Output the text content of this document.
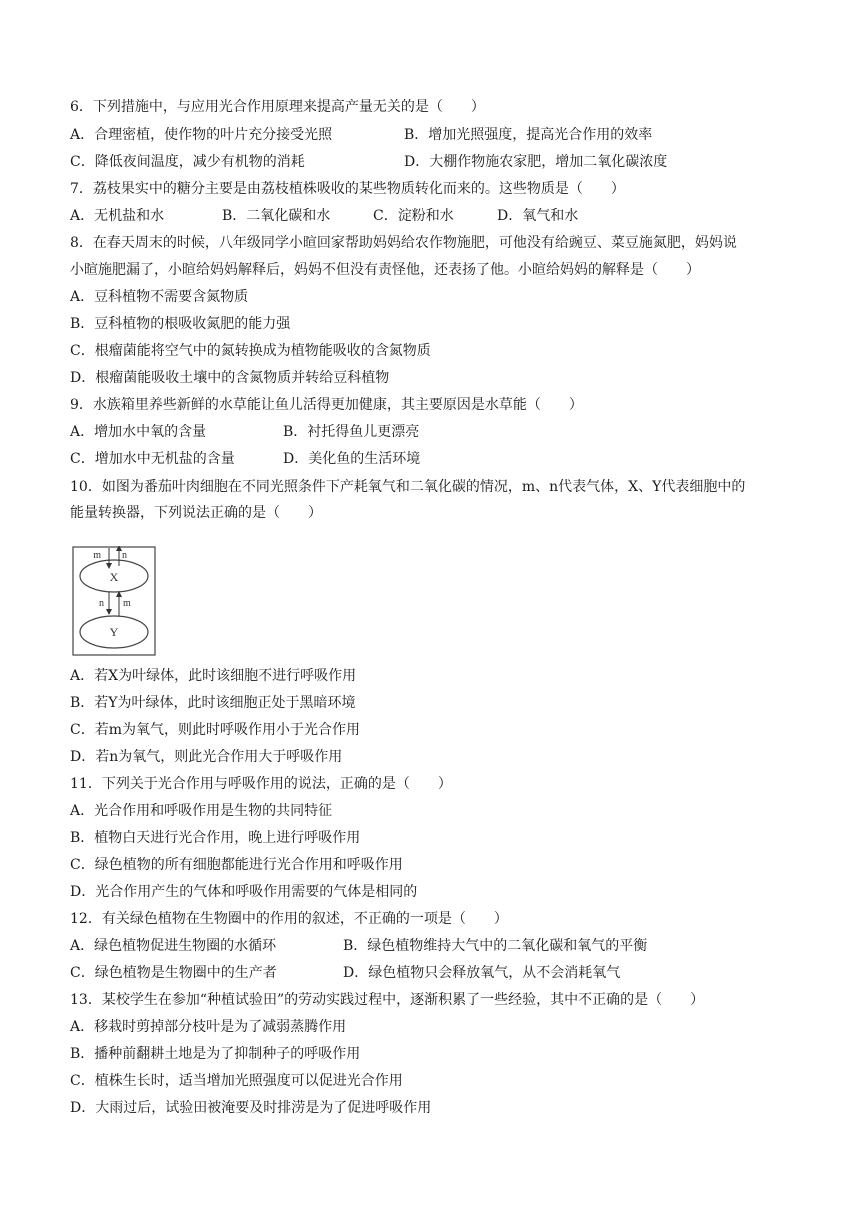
6．下列措施中，与应用光合作用原理来提高产量无关的是（　　）
A．合理密植，使作物的叶片充分接受光照	B．增加光照强度，提高光合作用的效率
C．降低夜间温度，减少有机物的消耗	D．大棚作物施农家肥，增加二氧化碳浓度
7．荔枝果实中的糖分主要是由荔枝植株吸收的某些物质转化而来的。这些物质是（　　）
A．无机盐和水	B．二氧化碳和水	C．淀粉和水	D．氧气和水
8．在春天周末的时候，八年级同学小暄回家帮助妈妈给农作物施肥，可他没有给豌豆、菜豆施氮肥，妈妈说
小暄施肥漏了，小暄给妈妈解释后，妈妈不但没有责怪他，还表扬了他。小暄给妈妈的解释是（　　）
A．豆科植物不需要含氮物质
B．豆科植物的根吸收氮肥的能力强
C．根瘤菌能将空气中的氮转换成为植物能吸收的含氮物质
D．根瘤菌能吸收土壤中的含氮物质并转给豆科植物
9．水族箱里养些新鲜的水草能让鱼儿活得更加健康，其主要原因是水草能（　　）
A．增加水中氧的含量	B．衬托得鱼儿更漂亮
C．增加水中无机盐的含量	D．美化鱼的生活环境
10．如图为番茄叶肉细胞在不同光照条件下产耗氧气和二氧化碳的情况，m、n代表气体，X、Y代表细胞中的
能量转换器，下列说法正确的是（　　）
m n
X
n m
Y
A．若X为叶绿体，此时该细胞不进行呼吸作用
B．若Y为叶绿体，此时该细胞正处于黑暗环境
C．若m为氧气，则此时呼吸作用小于光合作用
D．若n为氧气，则此光合作用大于呼吸作用
11．下列关于光合作用与呼吸作用的说法，正确的是（　　）
A．光合作用和呼吸作用是生物的共同特征
B．植物白天进行光合作用，晚上进行呼吸作用
C．绿色植物的所有细胞都能进行光合作用和呼吸作用
D．光合作用产生的气体和呼吸作用需要的气体是相同的
12．有关绿色植物在生物圈中的作用的叙述，不正确的一项是（　　）
A．绿色植物促进生物圈的水循环	B．绿色植物维持大气中的二氧化碳和氧气的平衡
C．绿色植物是生物圈中的生产者	D．绿色植物只会释放氧气，从不会消耗氧气
13．某校学生在参加“种植试验田”的劳动实践过程中，逐渐积累了一些经验，其中不正确的是（　　）
A．移栽时剪掉部分枝叶是为了减弱蒸腾作用
B．播种前翻耕土地是为了抑制种子的呼吸作用
C．植株生长时，适当增加光照强度可以促进光合作用
D．大雨过后，试验田被淹要及时排涝是为了促进呼吸作用
